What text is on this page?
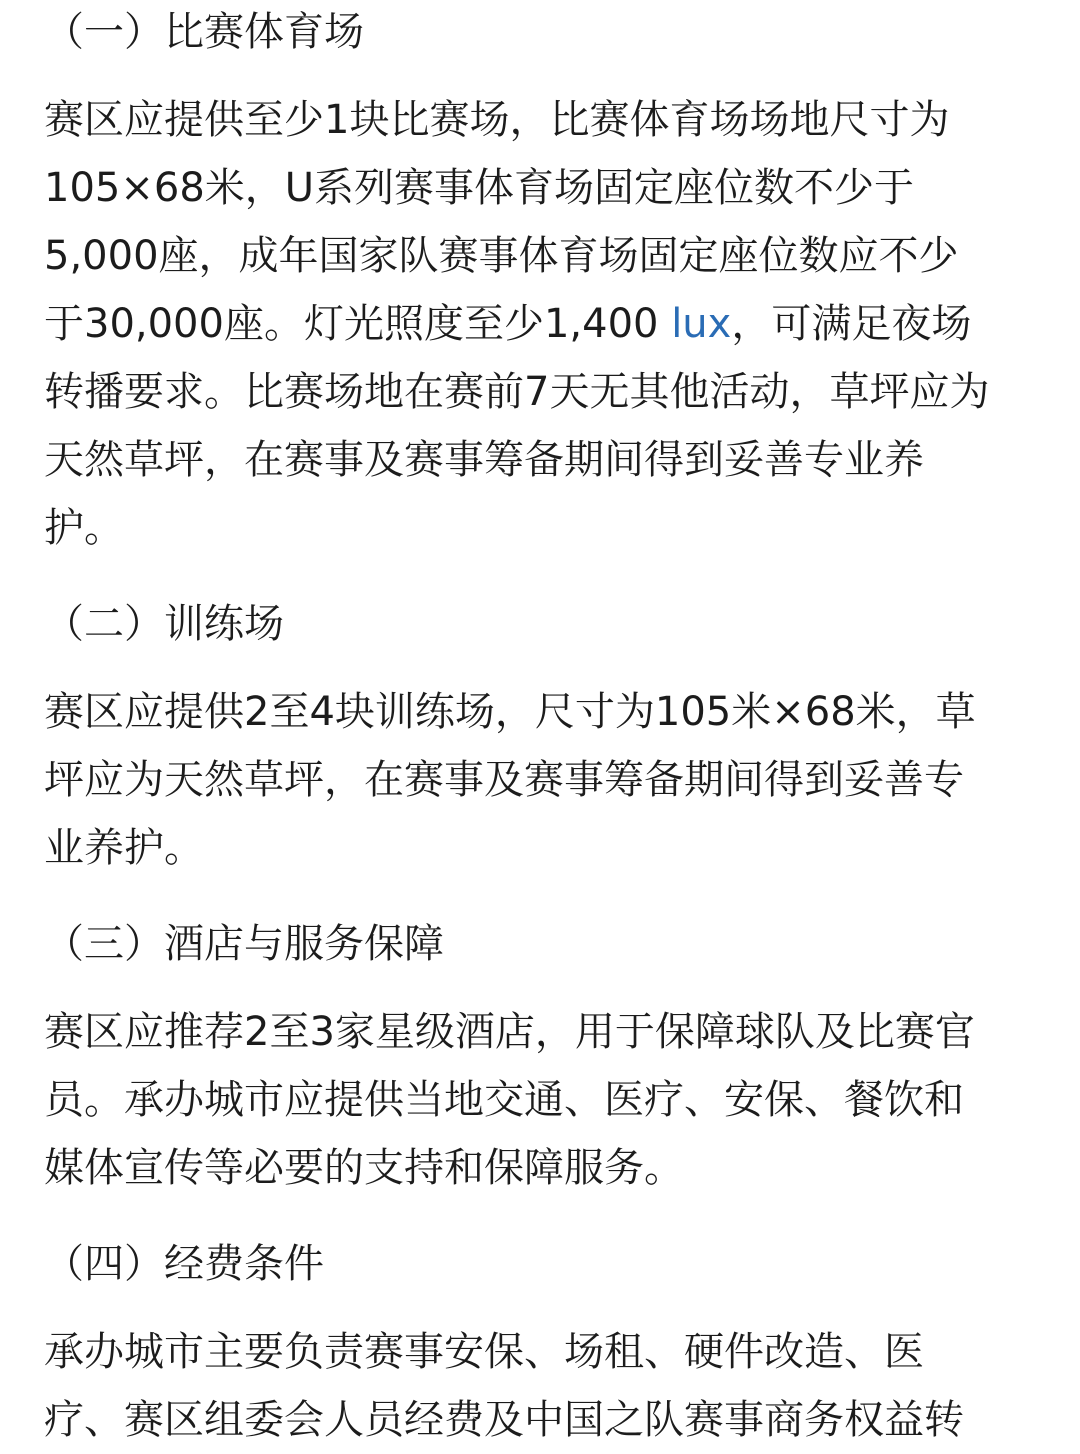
（一）比赛体育场

赛区应提供至少1块比赛场，比赛体育场场地尺寸为
105×68米，U系列赛事体育场固定座位数不少于
5,000座，成年国家队赛事体育场固定座位数应不少
于30,000座。灯光照度至少1,400 lux，可满足夜场
转播要求。比赛场地在赛前7天无其他活动，草坪应为
天然草坪，在赛事及赛事筹备期间得到妥善专业养
护。

（二）训练场

赛区应提供2至4块训练场，尺寸为105米×68米，草
坪应为天然草坪，在赛事及赛事筹备期间得到妥善专
业养护。

（三）酒店与服务保障

赛区应推荐2至3家星级酒店，用于保障球队及比赛官
员。承办城市应提供当地交通、医疗、安保、餐饮和
媒体宣传等必要的支持和保障服务。

（四）经费条件

承办城市主要负责赛事安保、场租、硬件改造、医
疗、赛区组委会人员经费及中国之队赛事商务权益转
